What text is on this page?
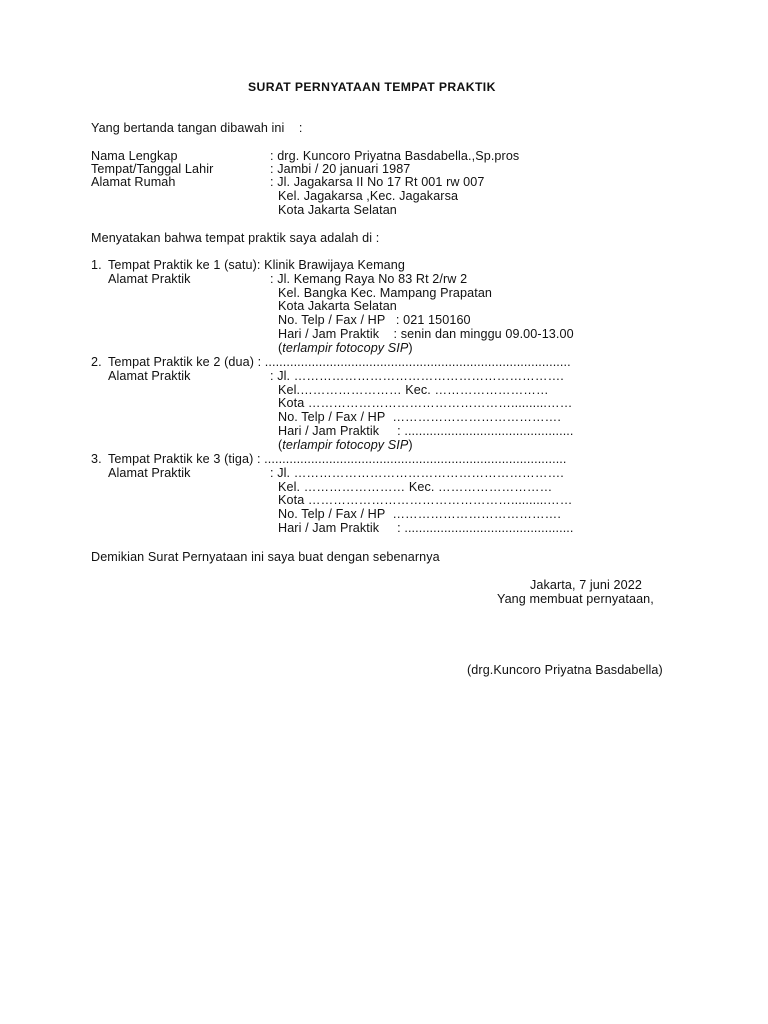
SURAT PERNYATAAN TEMPAT PRAKTIK
Yang bertanda tangan dibawah ini    :
Nama Lengkap	: drg. Kuncoro Priyatna Basdabella.,Sp.pros
Tempat/Tanggal Lahir	: Jambi / 20 januari 1987
Alamat Rumah	: Jl. Jagakarsa II No 17 Rt 001 rw 007
Kel. Jagakarsa ,Kec. Jagakarsa
Kota Jakarta Selatan
Menyatakan bahwa tempat praktik saya adalah di :
1. Tempat Praktik ke 1 (satu): Klinik Brawijaya Kemang
Alamat Praktik	: Jl. Kemang Raya No 83 Rt 2/rw 2
Kel. Bangka Kec. Mampang Prapatan
Kota Jakarta Selatan
No. Telp / Fax / HP   : 021 150160
Hari / Jam Praktik    : senin dan minggu 09.00-13.00
(terlampir fotocopy SIP)
2. Tempat Praktik ke 2 (dua) : .....................................................................................
Alamat Praktik	: Jl. ……………………………………………………….
Kel.…………………… Kec. ………………………
Kota …………………………………………..........……
No. Telp / Fax / HP  ………………………………….
Hari / Jam Praktik     : ...............................................
(terlampir fotocopy SIP)
3. Tempat Praktik ke 3 (tiga) : ....................................................................................
Alamat Praktik	: Jl. ……………………………………………………….
Kel. …………………… Kec. ………………………
Kota …………………………………………..........……
No. Telp / Fax / HP  ………………………………….
Hari / Jam Praktik     : ...............................................
Demikian Surat Pernyataan ini saya buat dengan sebenarnya
Jakarta, 7 juni 2022
Yang membuat pernyataan,
(drg.Kuncoro Priyatna Basdabella)
